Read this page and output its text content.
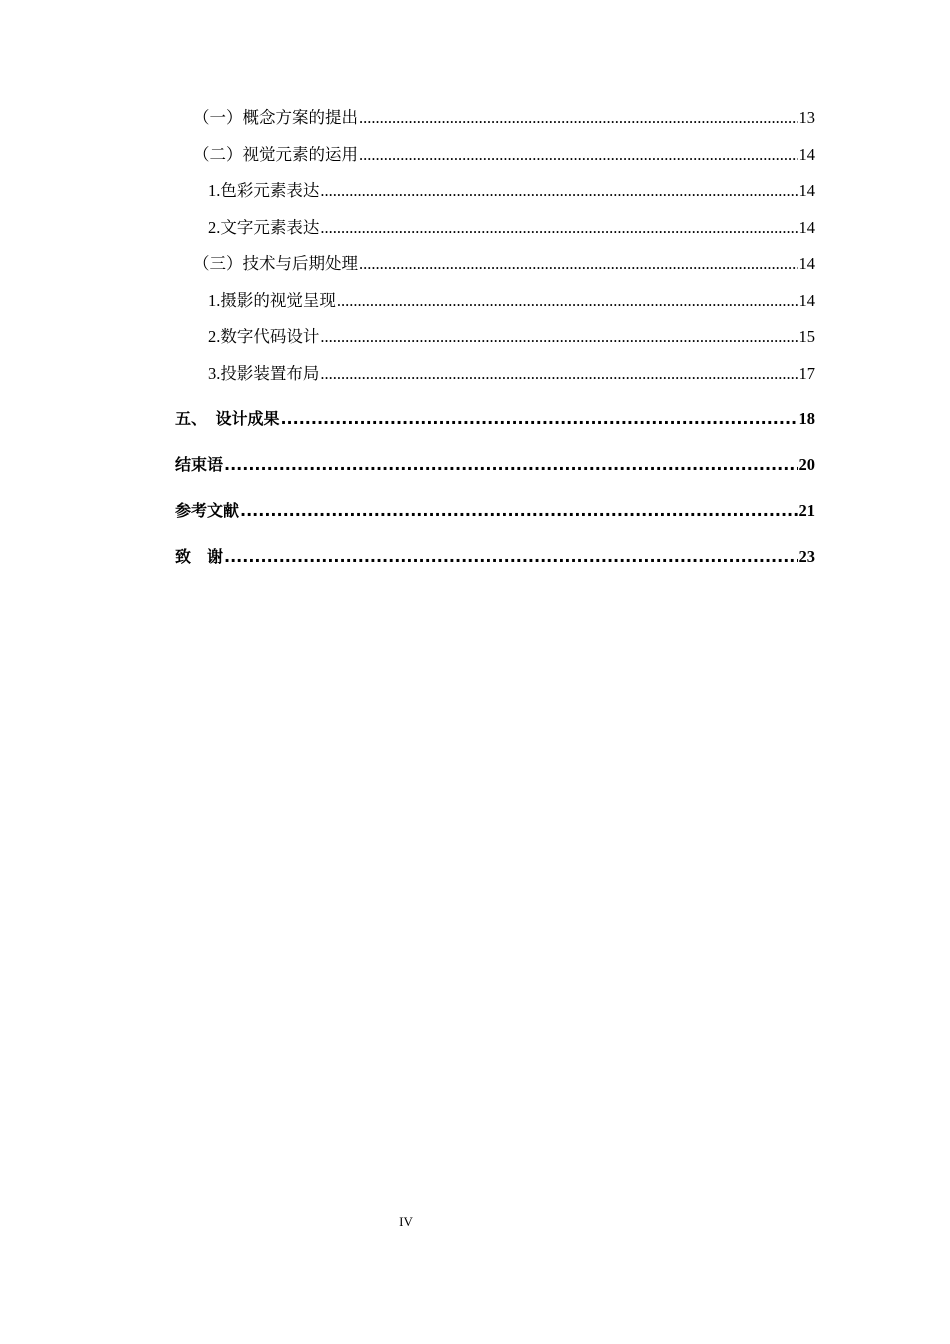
（一）概念方案的提出 .....	13
（二）视觉元素的运用 .....	14
1.色彩元素表达 .....	14
2.文字元素表达 .....	14
（三）技术与后期处理 .....	14
1.摄影的视觉呈现 .....	14
2.数字代码设计 .....	15
3.投影装置布局 .....	17
五、 设计成果 .....	18
结束语 .....	20
参考文献 .....	21
致　谢 .....	23
IV
